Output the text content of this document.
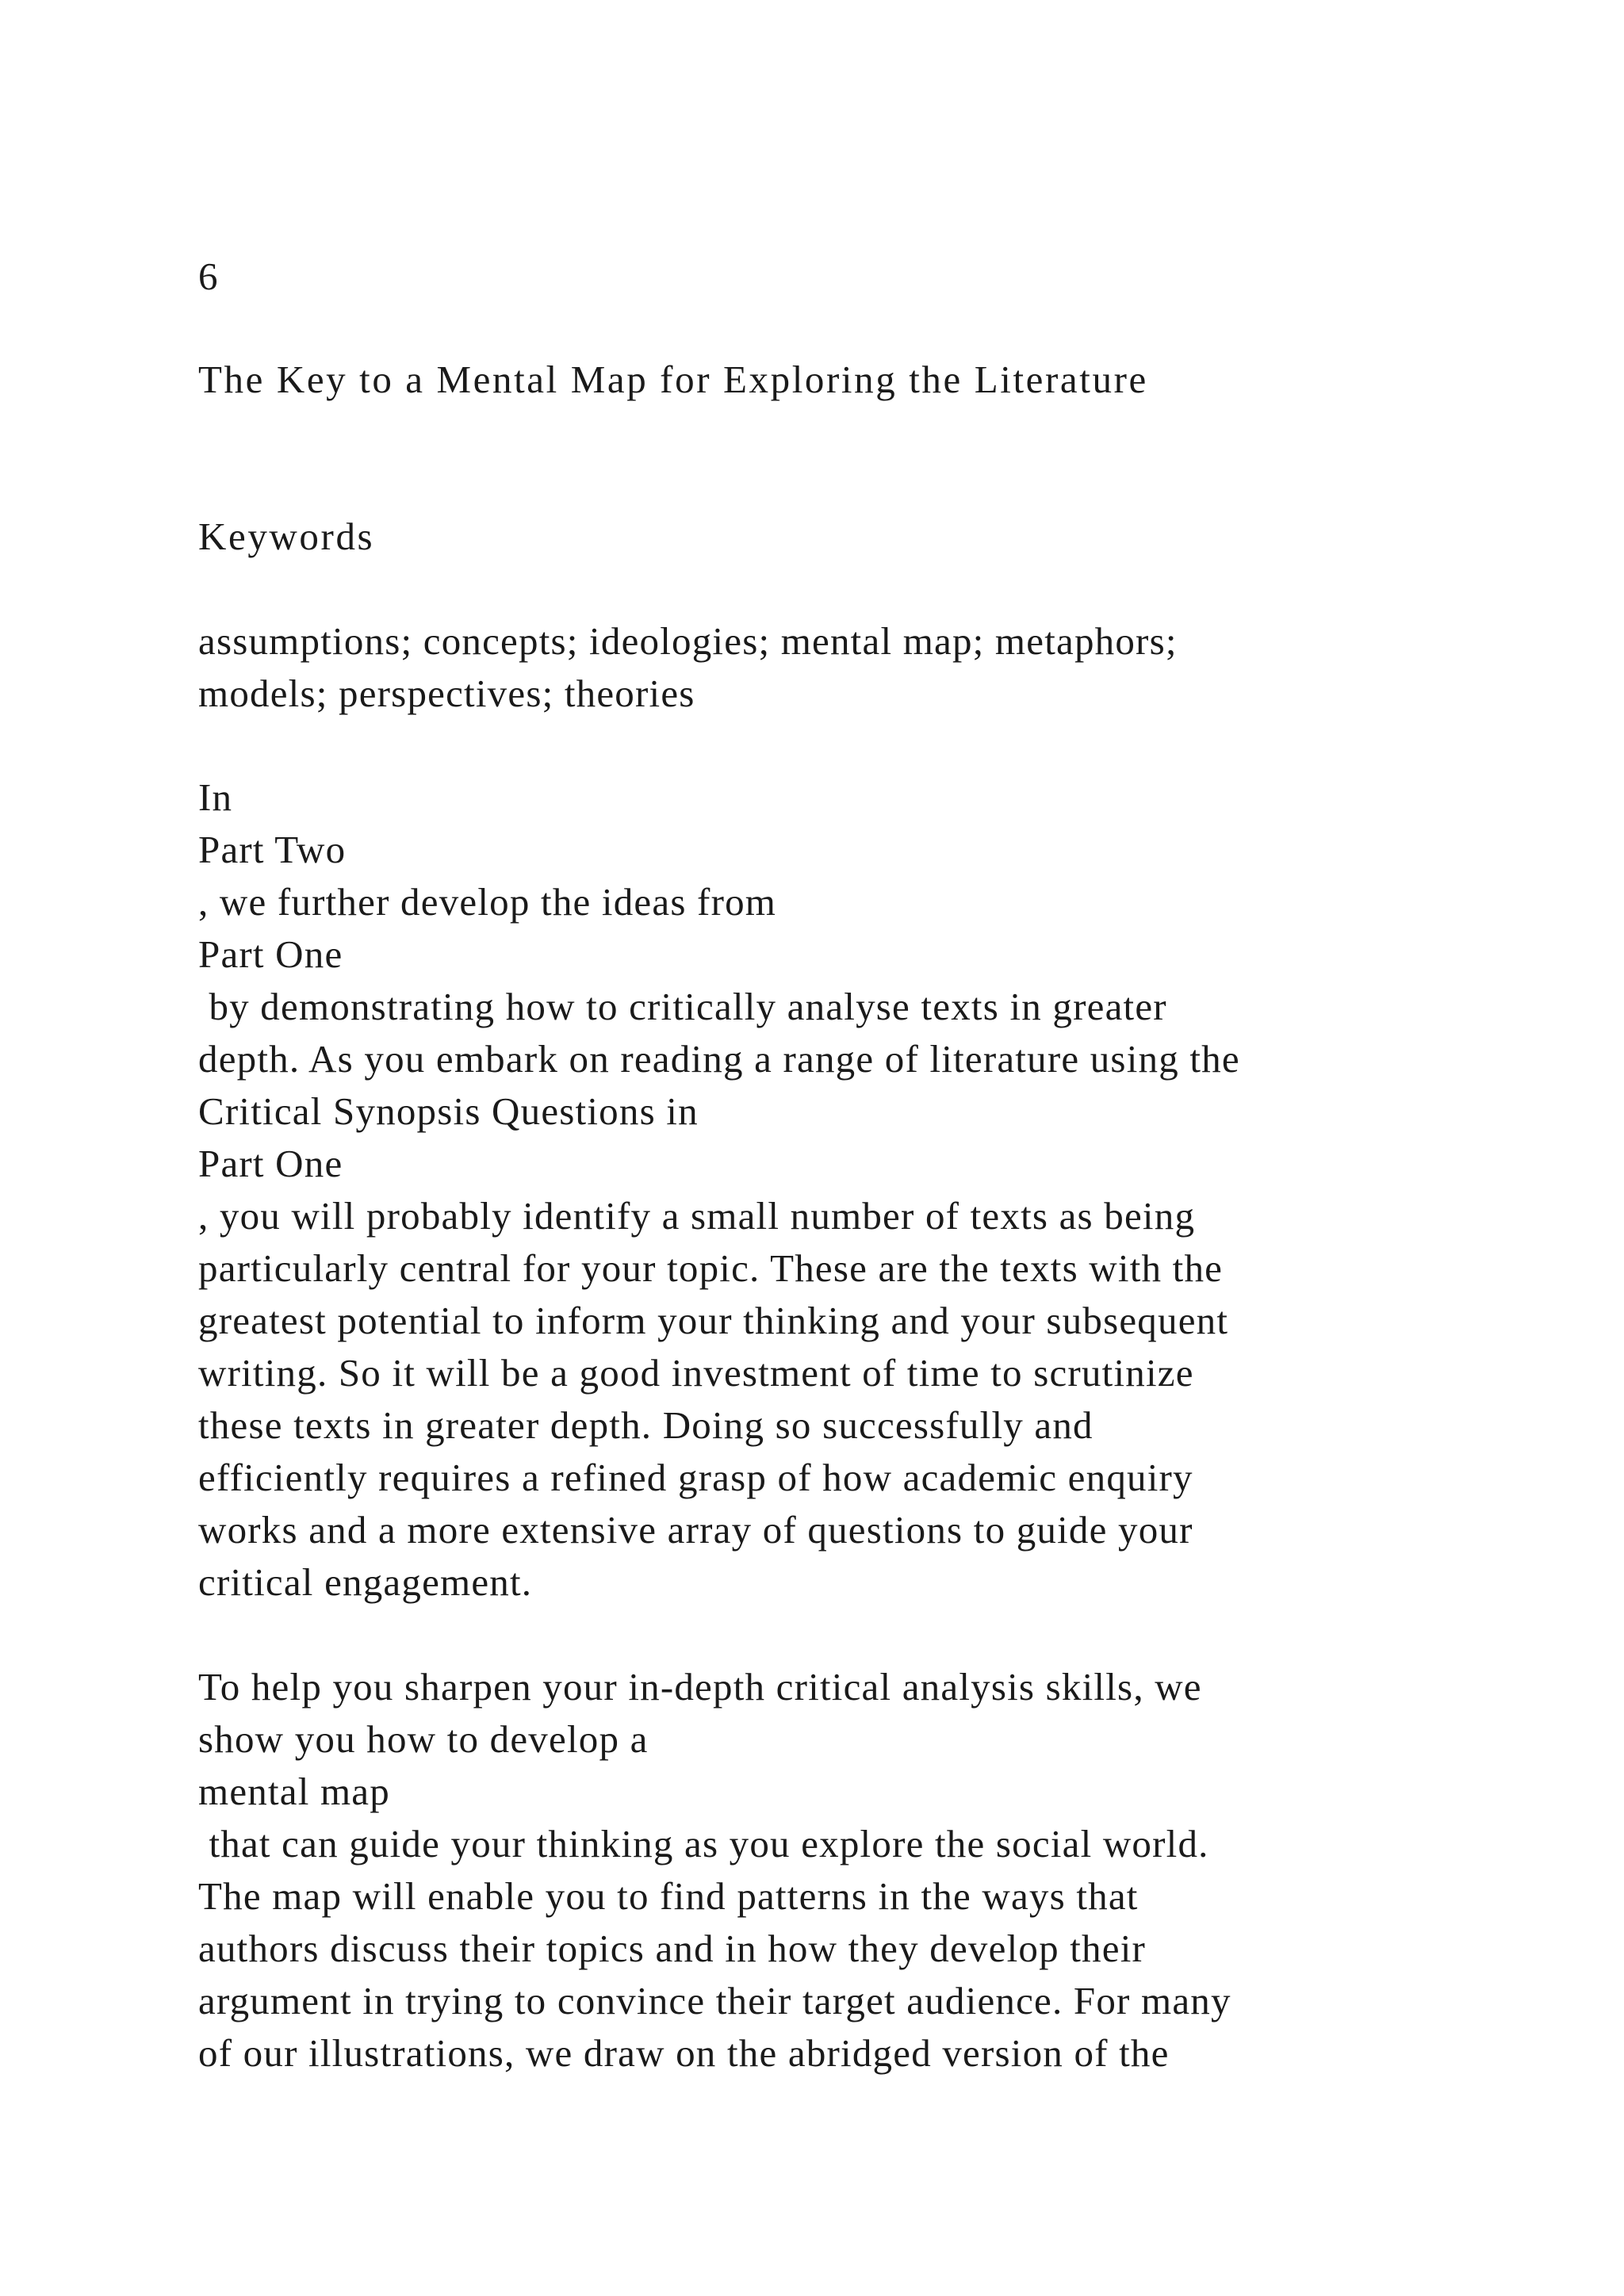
6
The Key to a Mental Map for Exploring the Literature
Keywords
assumptions; concepts; ideologies; mental map; metaphors;
models; perspectives; theories
In
Part Two
, we further develop the ideas from
Part One
by demonstrating how to critically analyse texts in greater
depth. As you embark on reading a range of literature using the
Critical Synopsis Questions in
Part One
, you will probably identify a small number of texts as being
particularly central for your topic. These are the texts with the
greatest potential to inform your thinking and your subsequent
writing. So it will be a good investment of time to scrutinize
these texts in greater depth. Doing so successfully and
efficiently requires a refined grasp of how academic enquiry
works and a more extensive array of questions to guide your
critical engagement.
To help you sharpen your in-depth critical analysis skills, we
show you how to develop a
mental map
that can guide your thinking as you explore the social world.
The map will enable you to find patterns in the ways that
authors discuss their topics and in how they develop their
argument in trying to convince their target audience. For many
of our illustrations, we draw on the abridged version of the
